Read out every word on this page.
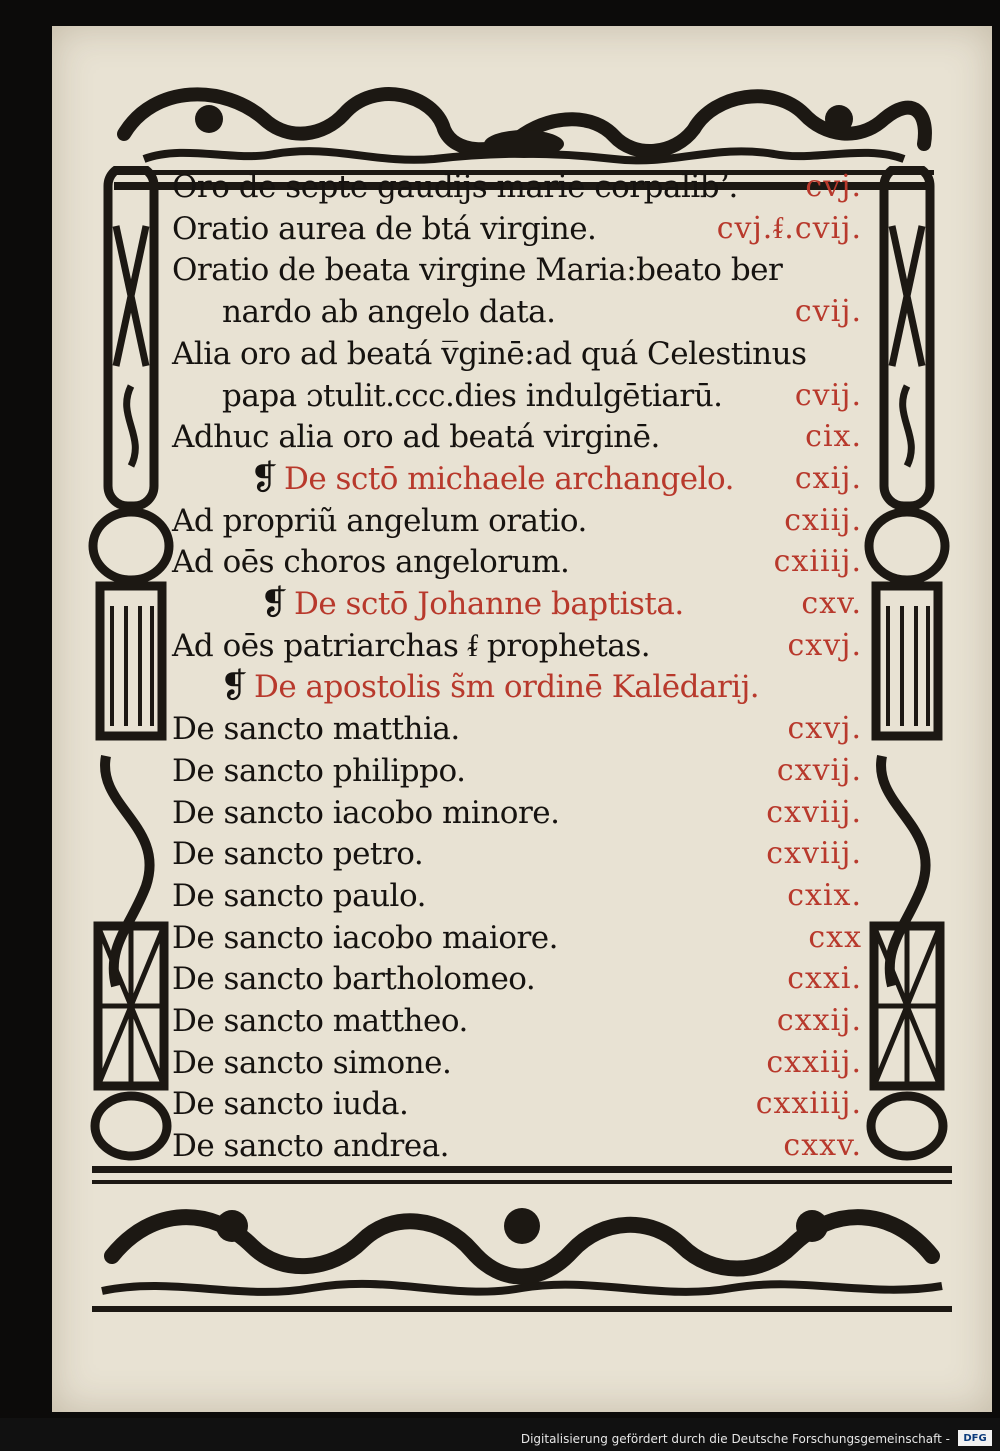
Oro de septe gaudijs marie corpalibʼ. cvj.
Oratio aurea de btá virgine.	cvj.ᵮ.cvij.
Oratio de beata virgine Maria:beato ber
nardo ab angelo data.	cvij.
Alia oro ad beatá v̅ginē:ad quá Celestinus
papa ɔtulit.ccc.dies indulgētiarū. cvij.
Adhuc alia oro ad beatá virginē.	cix.
❡ De sctō michaele archangelo. cxij.
Ad propriũ angelum oratio.	cxiij.
Ad oēs choros angelorum.	cxiiij.
❡ De sctō Johanne baptista.	cxv.
Ad oēs patriarchas ᵮ prophetas.	cxvj.
❡ De apostolis s̃m ordinē Kalēdarij.
De sancto matthia.	cxvj.
De sancto philippo.	cxvij.
De sancto iacobo minore.	cxviij.
De sancto petro.	cxviij.
De sancto paulo.	cxix.
De sancto iacobo maiore.	cxx
De sancto bartholomeo.	cxxi.
De sancto mattheo.	cxxij.
De sancto simone.	cxxiij.
De sancto iuda.	cxxiiij.
De sancto andrea.	cxxv.
Digitalisierung gefördert durch die Deutsche Forschungsgemeinschaft -	DFG
